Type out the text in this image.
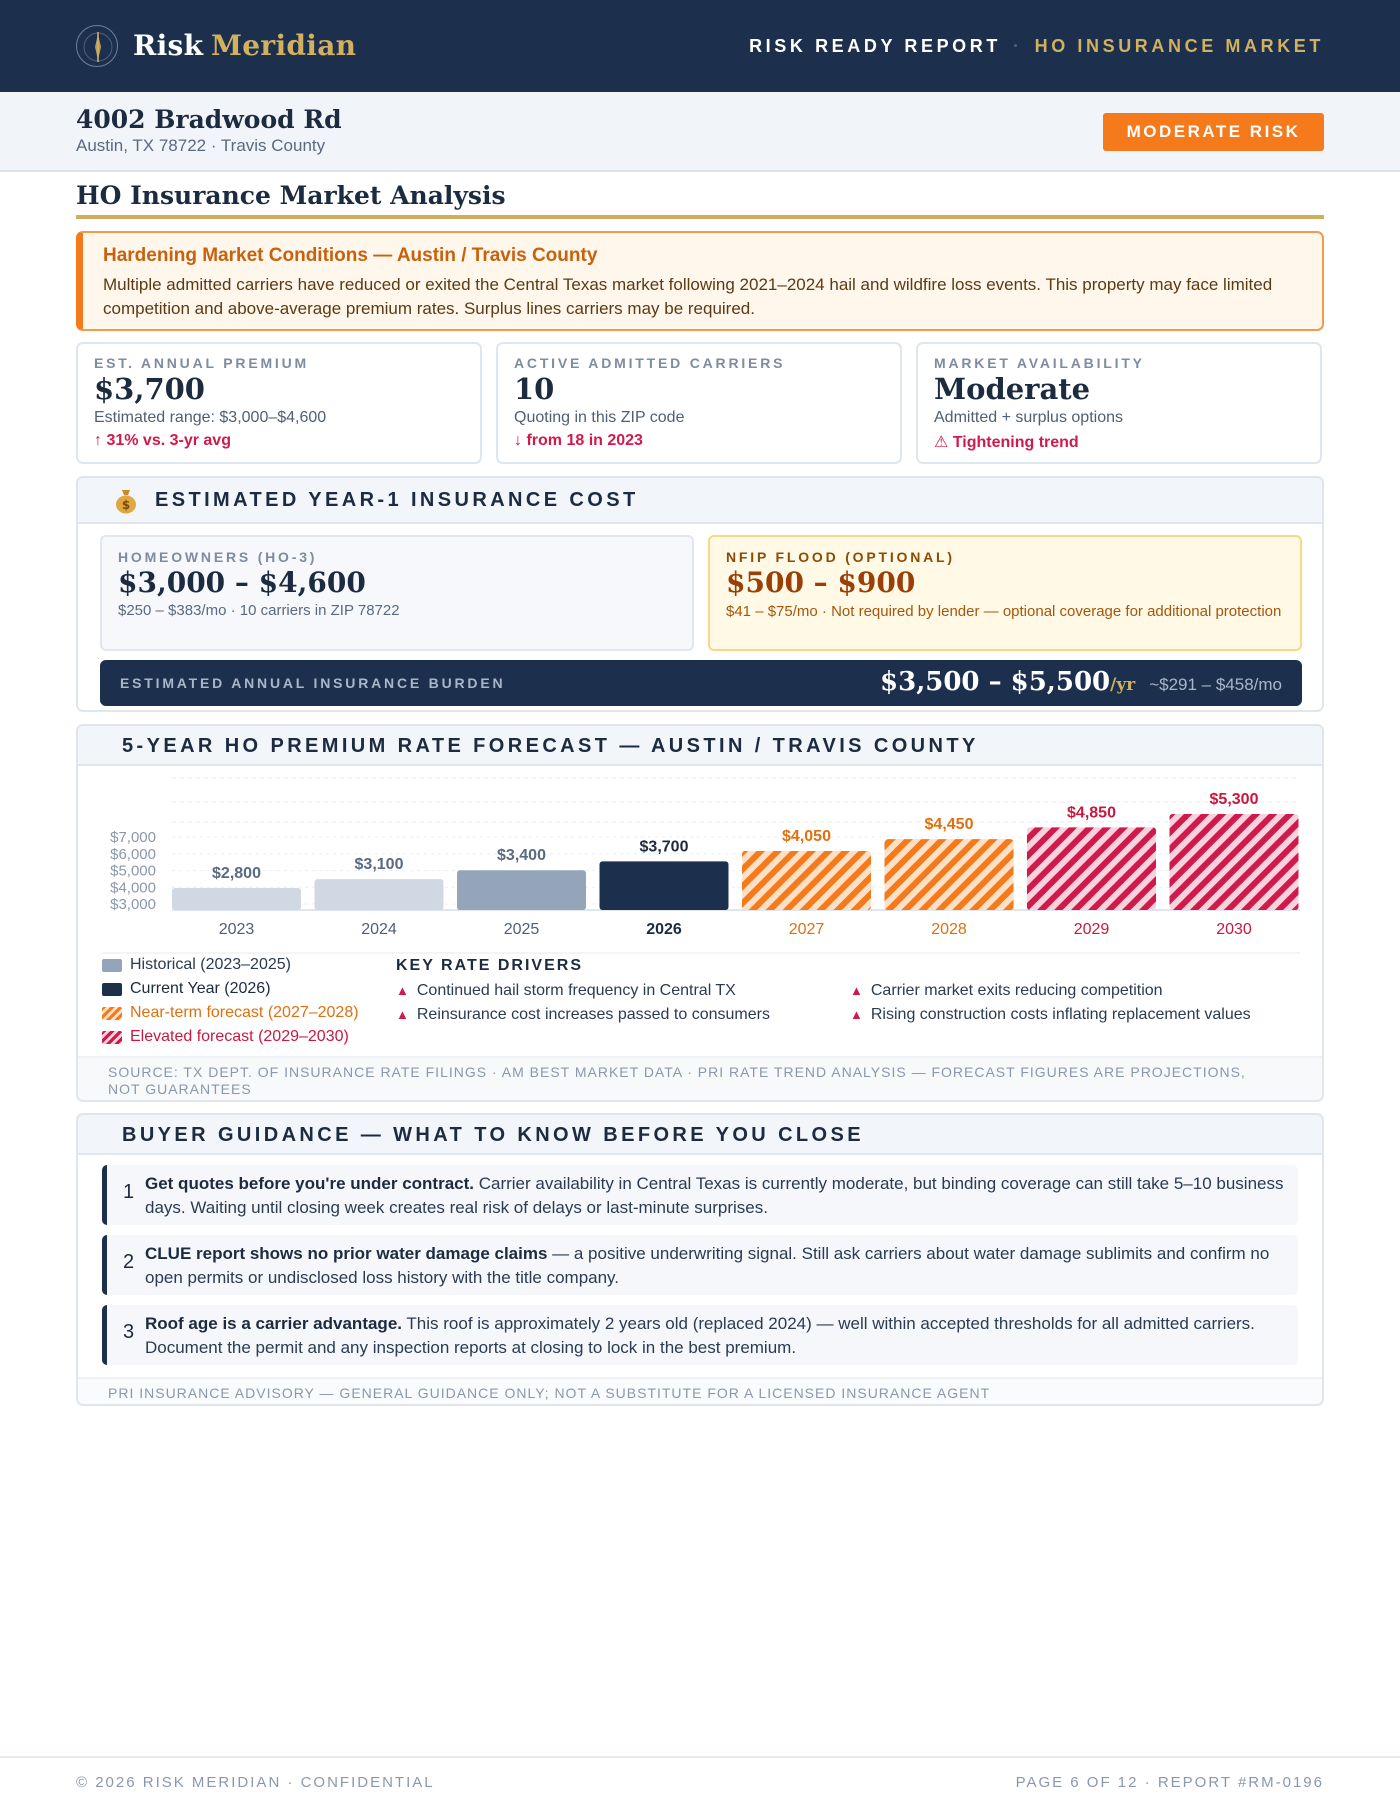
Risk Meridian	RISK READY REPORT · HO INSURANCE MARKET
4002 Bradwood Rd
Austin, TX 78722 · Travis County
MODERATE RISK
HO Insurance Market Analysis
Hardening Market Conditions — Austin / Travis County
Multiple admitted carriers have reduced or exited the Central Texas market following 2021–2024 hail and wildfire loss events. This property may face limited competition and above-average premium rates. Surplus lines carriers may be required.
EST. ANNUAL PREMIUM
$3,700
Estimated range: $3,000–$4,600
↑ 31% vs. 3-yr avg
ACTIVE ADMITTED CARRIERS
10
Quoting in this ZIP code
↓ from 18 in 2023
MARKET AVAILABILITY
Moderate
Admitted + surplus options
⚠ Tightening trend
$ ESTIMATED YEAR-1 INSURANCE COST
HOMEOWNERS (HO-3)
$3,000 – $4,600
$250 – $383/mo · 10 carriers in ZIP 78722
NFIP FLOOD (OPTIONAL)
$500 – $900
$41 – $75/mo · Not required by lender — optional coverage for additional protection
ESTIMATED ANNUAL INSURANCE BURDEN	$3,500 – $5,500/yr ~$291 – $458/mo
5-YEAR HO PREMIUM RATE FORECAST — AUSTIN / TRAVIS COUNTY
$3,000
$4,000
$5,000
$6,000
$7,000
$2,800
2023
$3,100
2024
$3,400
2025
$3,700
2026
$4,050
2027
$4,450
2028
$4,850
2029
$5,300
2030
Historical (2023–2025)
Current Year (2026)
Near-term forecast (2027–2028)
Elevated forecast (2029–2030)
KEY RATE DRIVERS
▲ Continued hail storm frequency in Central TX
▲ Reinsurance cost increases passed to consumers
▲ Carrier market exits reducing competition
▲ Rising construction costs inflating replacement values
SOURCE: TX DEPT. OF INSURANCE RATE FILINGS · AM BEST MARKET DATA · PRI RATE TREND ANALYSIS — FORECAST FIGURES ARE PROJECTIONS, NOT GUARANTEES
BUYER GUIDANCE — WHAT TO KNOW BEFORE YOU CLOSE
1 Get quotes before you're under contract. Carrier availability in Central Texas is currently moderate, but binding coverage can still take 5–10 business days. Waiting until closing week creates real risk of delays or last-minute surprises.
2 CLUE report shows no prior water damage claims — a positive underwriting signal. Still ask carriers about water damage sublimits and confirm no open permits or undisclosed loss history with the title company.
3 Roof age is a carrier advantage. This roof is approximately 2 years old (replaced 2024) — well within accepted thresholds for all admitted carriers. Document the permit and any inspection reports at closing to lock in the best premium.
PRI INSURANCE ADVISORY — GENERAL GUIDANCE ONLY; NOT A SUBSTITUTE FOR A LICENSED INSURANCE AGENT
© 2026 RISK MERIDIAN · CONFIDENTIAL	PAGE 6 OF 12 · REPORT #RM-0196
